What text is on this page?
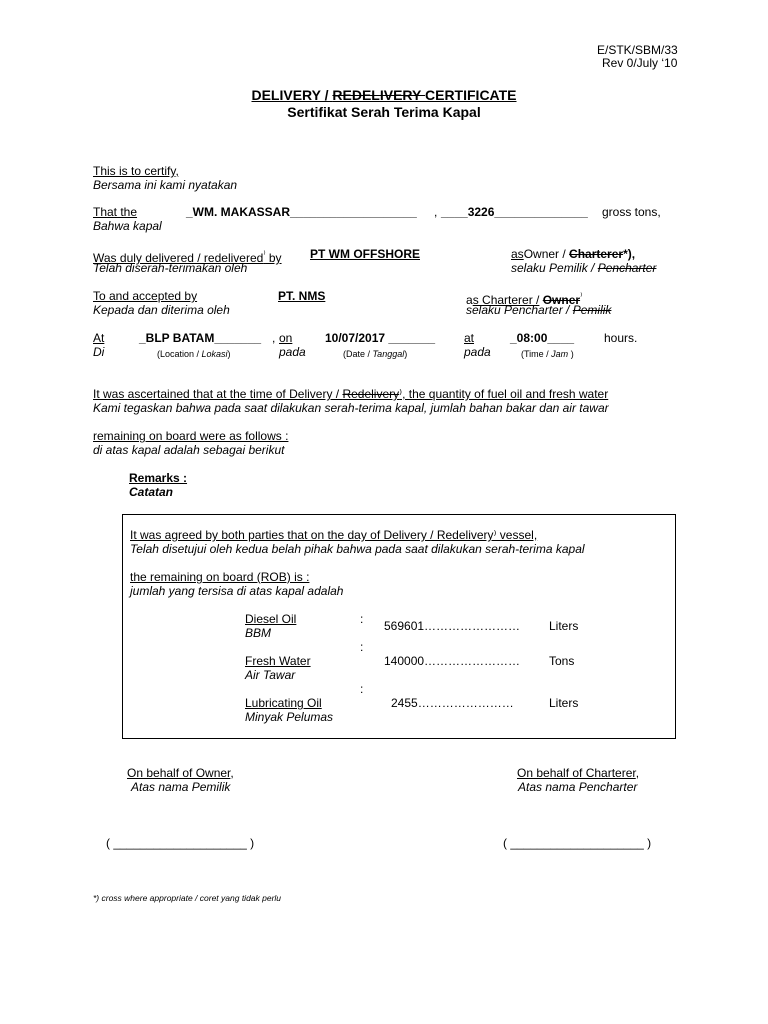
E/STK/SBM/33
Rev 0/July ‘10
DELIVERY / REDELIVERY CERTIFICATE
Sertifikat Serah Terima Kapal
This is to certify,
Bersama ini kami nyatakan
That the
Bahwa kapal
_WM. MAKASSAR___________________ , ____3226______________ gross tons,
Was duly delivered / redelivered⁾ by
Telah diserah-terimakan oleh
PT WM OFFSHORE	asOwner / Charterer*),
selaku Pemilik / Pencharter
To and accepted by
Kepada dan diterima oleh
PT. NMS	as Charterer / Owner⁾
selaku Pencharter / Pemilik
At
Di
_BLP BATAM_______ , on
pada
10/07/2017 _______ at
pada
_08:00____ hours.
(Location / Lokasi)	(Date / Tanggal)	(Time / Jam )
It was ascertained that at the time of Delivery / Redelivery⁾, the quantity of fuel oil and fresh water
Kami tegaskan bahwa pada saat dilakukan serah-terima kapal, jumlah bahan bakar dan air tawar
remaining on board were as follows :
di atas kapal adalah sebagai berikut
Remarks :
Catatan
It was agreed by both parties that on the day of Delivery / Redelivery⁾ vessel,
Telah disetujui oleh kedua belah pihak bahwa pada saat dilakukan serah-terima kapal
the remaining on board (ROB) is :
jumlah yang tersisa di atas kapal adalah
Diesel Oil
BBM
: 569601…………………… Liters
:
Fresh Water
Air Tawar
140000…………………… Tons
:
Lubricating Oil
Minyak Pelumas
2455……………………	Liters
On behalf of Owner,
Atas nama Pemilik
On behalf of Charterer,
Atas nama Pencharter
( ____________________ )	( ____________________ )
*) cross where appropriate / coret yang tidak perlu
